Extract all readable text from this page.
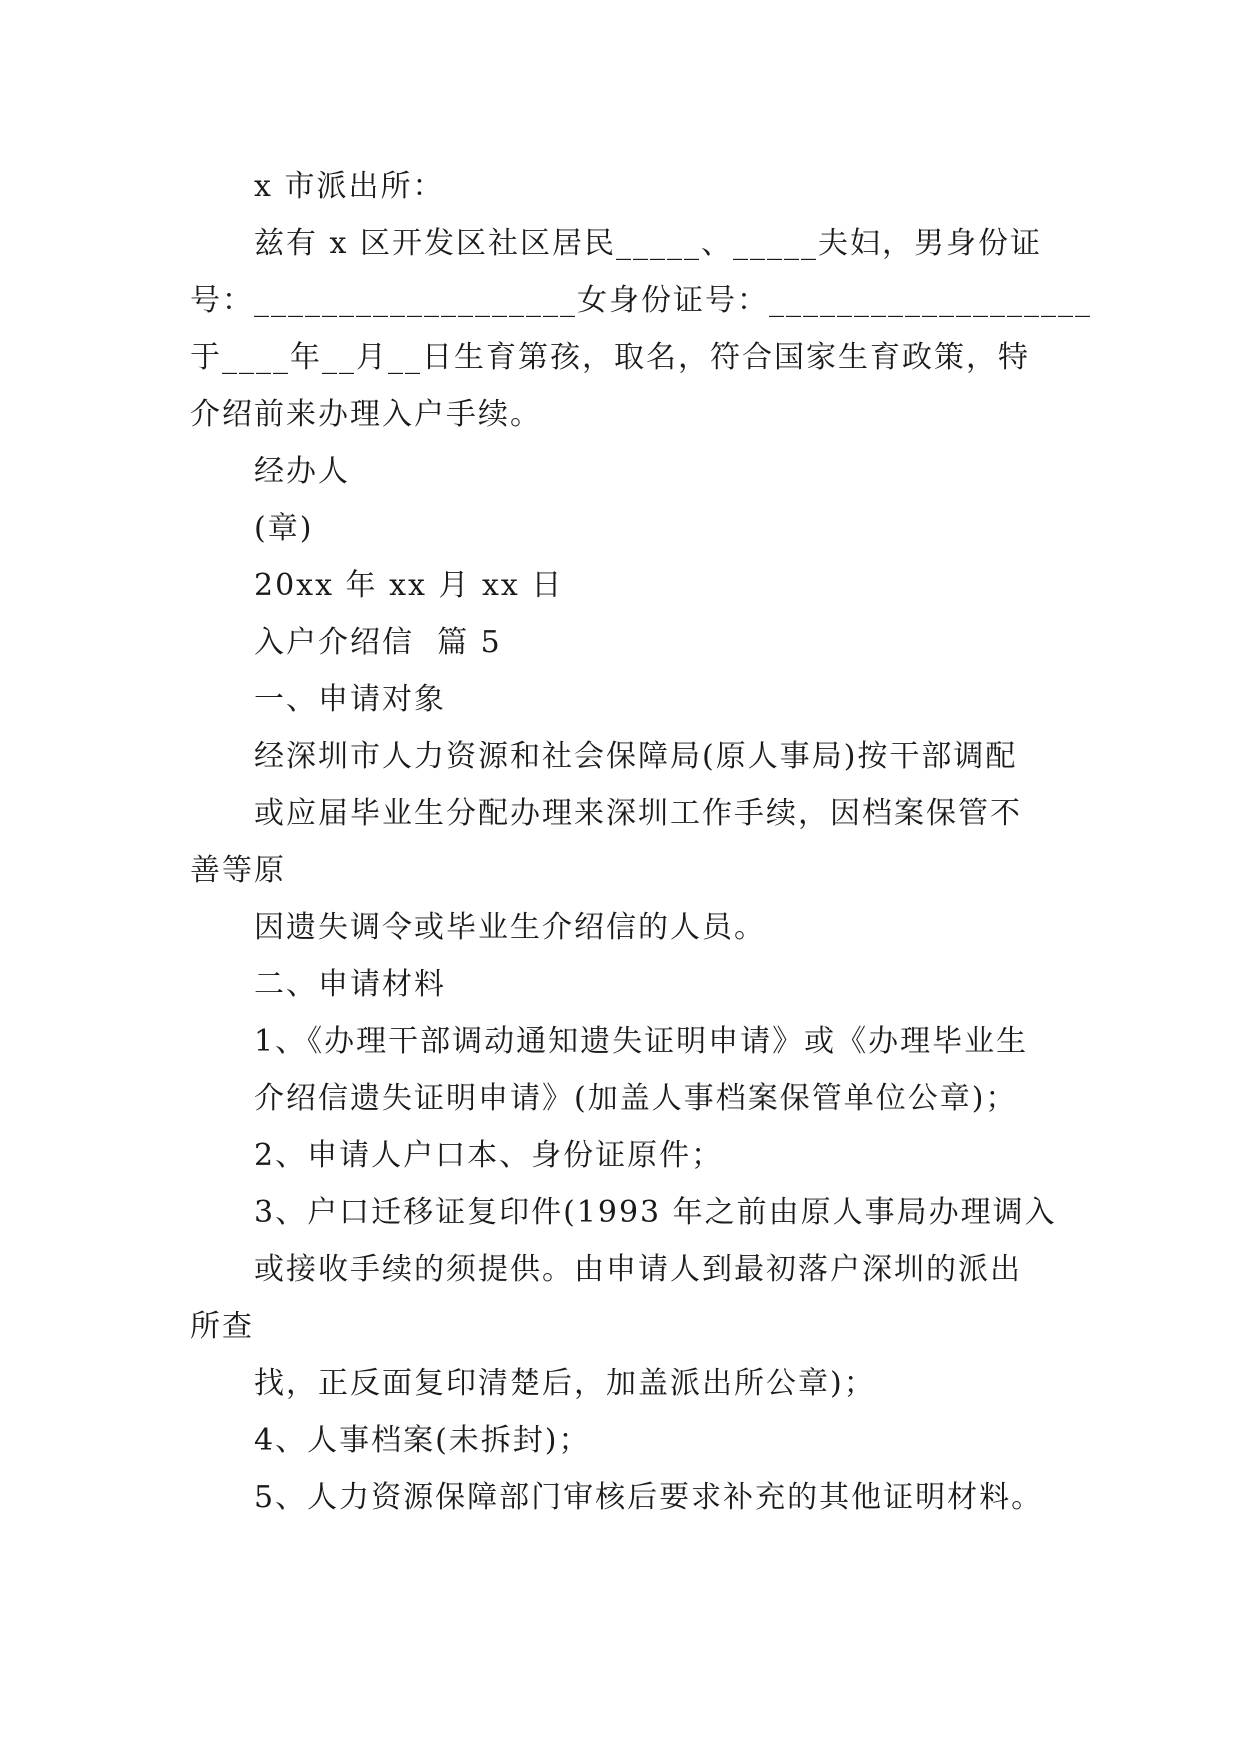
x 市派出所：
兹有 x 区开发区社区居民_____、_____夫妇，男身份证
号：___________________女身份证号：___________________
于____年__月__日生育第孩，取名，符合国家生育政策，特
介绍前来办理入户手续。
经办人
(章)
20xx 年 xx 月 xx 日
入户介绍信  篇 5
一、申请对象
经深圳市人力资源和社会保障局(原人事局)按干部调配
或应届毕业生分配办理来深圳工作手续，因档案保管不
善等原
因遗失调令或毕业生介绍信的人员。
二、申请材料
1、《办理干部调动通知遗失证明申请》或《办理毕业生
介绍信遗失证明申请》(加盖人事档案保管单位公章)；
2、申请人户口本、身份证原件；
3、户口迁移证复印件(1993 年之前由原人事局办理调入
或接收手续的须提供。由申请人到最初落户深圳的派出
所查
找，正反面复印清楚后，加盖派出所公章)；
4、人事档案(未拆封)；
5、人力资源保障部门审核后要求补充的其他证明材料。
